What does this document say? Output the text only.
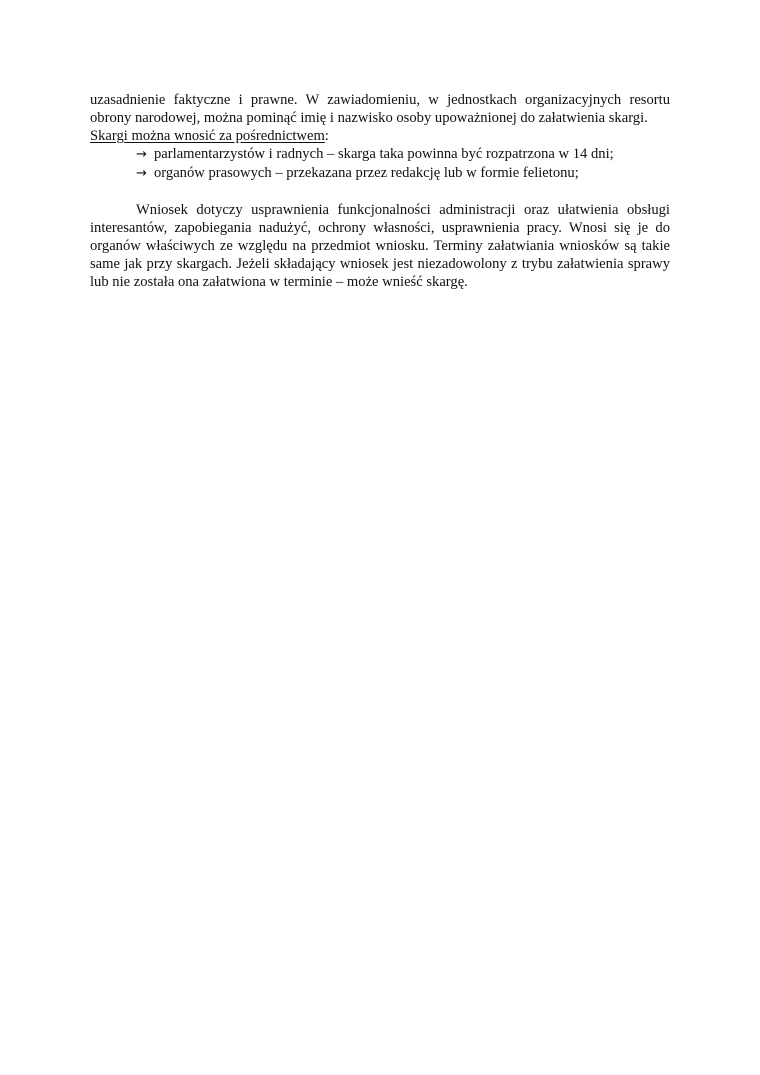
uzasadnienie faktyczne i prawne. W zawiadomieniu, w jednostkach organizacyjnych resortu obrony narodowej, można pominąć imię i nazwisko osoby upoważnionej do załatwienia skargi.

Skargi można wnosić za pośrednictwem:

→ parlamentarzystów i radnych – skarga taka powinna być rozpatrzona w 14 dni;

→ organów prasowych – przekazana przez redakcję lub w formie felietonu;

Wniosek dotyczy usprawnienia funkcjonalności administracji oraz ułatwienia obsługi interesantów, zapobiegania nadużyć, ochrony własności, usprawnienia pracy. Wnosi się je do organów właściwych ze względu na przedmiot wniosku. Terminy załatwiania wniosków są takie same jak przy skargach. Jeżeli składający wniosek jest niezadowolony z trybu załatwienia sprawy lub nie została ona załatwiona w terminie – może wnieść skargę.
